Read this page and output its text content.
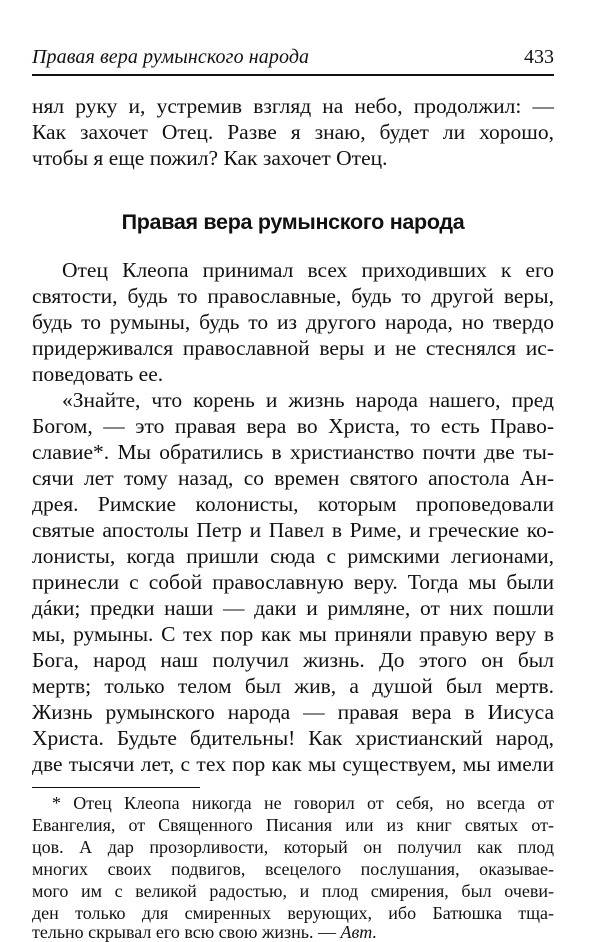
Правая вера румынского народа	433
нял руку и, устремив взгляд на небо, продолжил: —
Как захочет Отец. Разве я знаю, будет ли хорошо,
чтобы я еще пожил? Как захочет Отец.
Правая вера румынского народа
Отец Клеопа принимал всех приходивших к его
святости, будь то православные, будь то другой веры,
будь то румыны, будь то из другого народа, но твердо
придерживался православной веры и не стеснялся ис-
поведовать ее.
«Знайте, что корень и жизнь народа нашего, пред
Богом, — это правая вера во Христа, то есть Право-
славие*. Мы обратились в христианство почти две ты-
сячи лет тому назад, со времен святого апостола Ан-
дрея. Римские колонисты, которым проповедовали
святые апостолы Петр и Павел в Риме, и греческие ко-
лонисты, когда пришли сюда с римскими легионами,
принесли с собой православную веру. Тогда мы были
дáки; предки наши — даки и римляне, от них пошли
мы, румыны. С тех пор как мы приняли правую веру в
Бога, народ наш получил жизнь. До этого он был
мертв; только телом был жив, а душой был мертв.
Жизнь румынского народа — правая вера в Иисуса
Христа. Будьте бдительны! Как христианский народ,
две тысячи лет, с тех пор как мы существуем, мы имели
* Отец Клеопа никогда не говорил от себя, но всегда от
Евангелия, от Священного Писания или из книг святых от-
цов. А дар прозорливости, который он получил как плод
многих своих подвигов, всецелого послушания, оказывае-
мого им с великой радостью, и плод смирения, был очеви-
ден только для смиренных верующих, ибо Батюшка тща-
тельно скрывал его всю свою жизнь. — Авт.
